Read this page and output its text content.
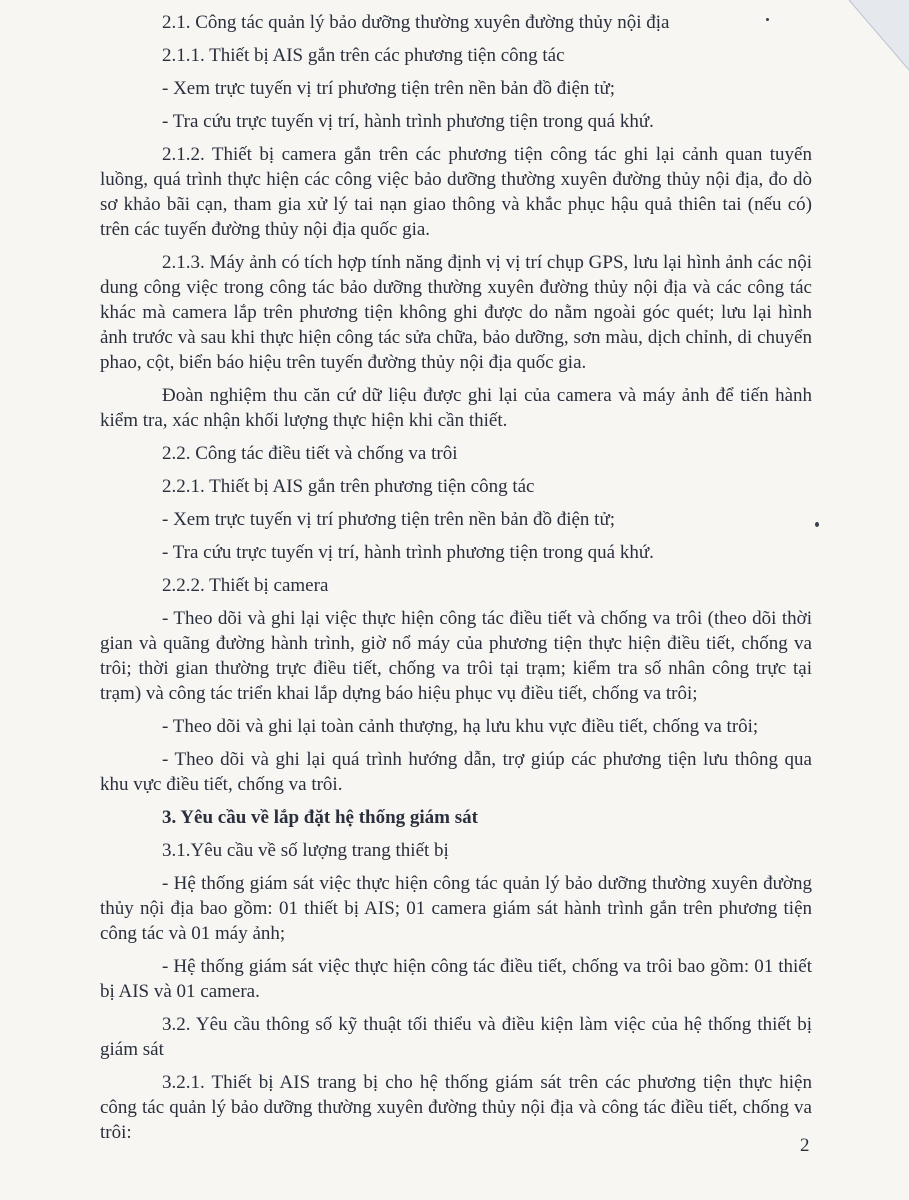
2.1. Công tác quản lý bảo dưỡng thường xuyên đường thủy nội địa

2.1.1. Thiết bị AIS gắn trên các phương tiện công tác

- Xem trực tuyến vị trí phương tiện trên nền bản đồ điện tử;

- Tra cứu trực tuyến vị trí, hành trình phương tiện trong quá khứ.

2.1.2. Thiết bị camera gắn trên các phương tiện công tác ghi lại cảnh quan tuyến luồng, quá trình thực hiện các công việc bảo dưỡng thường xuyên đường thủy nội địa, đo dò sơ khảo bãi cạn, tham gia xử lý tai nạn giao thông và khắc phục hậu quả thiên tai (nếu có) trên các tuyến đường thủy nội địa quốc gia.

2.1.3. Máy ảnh có tích hợp tính năng định vị vị trí chụp GPS, lưu lại hình ảnh các nội dung công việc trong công tác bảo dưỡng thường xuyên đường thủy nội địa và các công tác khác mà camera lắp trên phương tiện không ghi được do nằm ngoài góc quét; lưu lại hình ảnh trước và sau khi thực hiện công tác sửa chữa, bảo dưỡng, sơn màu, dịch chỉnh, di chuyển phao, cột, biển báo hiệu trên tuyến đường thủy nội địa quốc gia.

Đoàn nghiệm thu căn cứ dữ liệu được ghi lại của camera và máy ảnh để tiến hành kiểm tra, xác nhận khối lượng thực hiện khi cần thiết.

2.2. Công tác điều tiết và chống va trôi

2.2.1. Thiết bị AIS gắn trên phương tiện công tác

- Xem trực tuyến vị trí phương tiện trên nền bản đồ điện tử;

- Tra cứu trực tuyến vị trí, hành trình phương tiện trong quá khứ.

2.2.2. Thiết bị camera

- Theo dõi và ghi lại việc thực hiện công tác điều tiết và chống va trôi (theo dõi thời gian và quãng đường hành trình, giờ nổ máy của phương tiện thực hiện điều tiết, chống va trôi; thời gian thường trực điều tiết, chống va trôi tại trạm; kiểm tra số nhân công trực tại trạm) và công tác triển khai lắp dựng báo hiệu phục vụ điều tiết, chống va trôi;

- Theo dõi và ghi lại toàn cảnh thượng, hạ lưu khu vực điều tiết, chống va trôi;

- Theo dõi và ghi lại quá trình hướng dẫn, trợ giúp các phương tiện lưu thông qua khu vực điều tiết, chống va trôi.

3. Yêu cầu về lắp đặt hệ thống giám sát

3.1.Yêu cầu về số lượng trang thiết bị

- Hệ thống giám sát việc thực hiện công tác quản lý bảo dưỡng thường xuyên đường thủy nội địa bao gồm: 01 thiết bị AIS; 01 camera giám sát hành trình gắn trên phương tiện công tác và 01 máy ảnh;

- Hệ thống giám sát việc thực hiện công tác điều tiết, chống va trôi bao gồm: 01 thiết bị AIS và 01 camera.

3.2. Yêu cầu thông số kỹ thuật tối thiểu và điều kiện làm việc của hệ thống thiết bị giám sát

3.2.1. Thiết bị AIS trang bị cho hệ thống giám sát trên các phương tiện thực hiện công tác quản lý bảo dưỡng thường xuyên đường thủy nội địa và công tác điều tiết, chống va trôi:

2
